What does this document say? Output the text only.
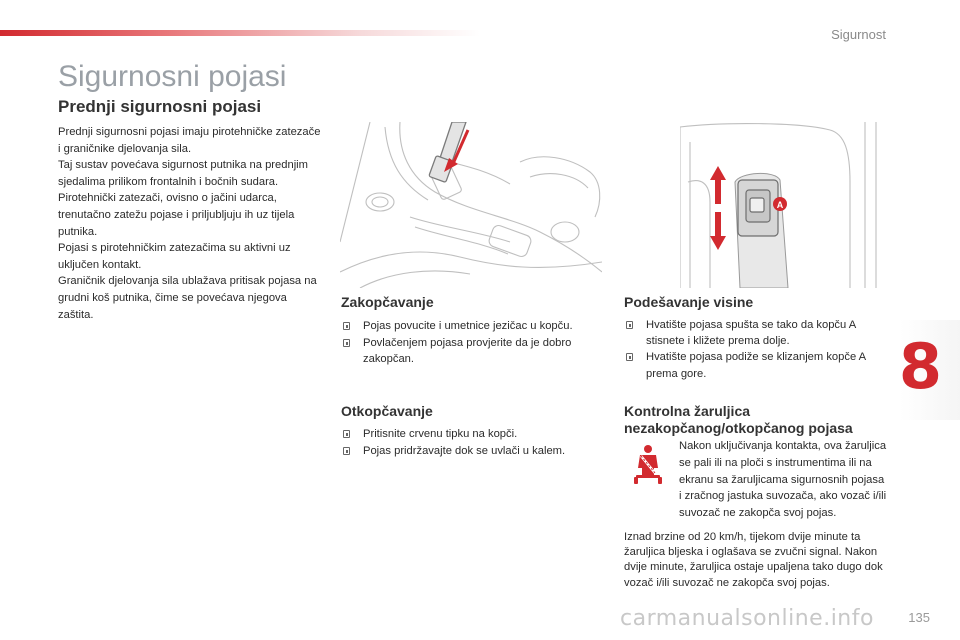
Sigurnost
Sigurnosni pojasi
Prednji sigurnosni pojasi

Prednji sigurnosni pojasi imaju pirotehničke zatezače i graničnike djelovanja sila.

Taj sustav povećava sigurnost putnika na prednjim sjedalima prilikom frontalnih i bočnih sudara. Pirotehnički zatezači, ovisno o jačini udarca, trenutačno zatežu pojase i priljubljuju ih uz tijela putnika.

Pojasi s pirotehničkim zatezačima su aktivni uz uključen kontakt.

Graničnik djelovanja sila ublažava pritisak pojasa na grudni koš putnika, čime se povećava njegova zaštita.

A
Zakopčavanje
Pojas povucite i umetnice jezičac u kopču.
Povlačenjem pojasa provjerite da je dobro zakopčan.
Otkopčavanje
Pritisnite crvenu tipku na kopči.
Pojas pridržavajte dok se uvlači u kalem.
Podešavanje visine
Hvatište pojasa spušta se tako da kopču A stisnete i kližete prema dolje.
Hvatište pojasa podiže se klizanjem kopče A prema gore.
Kontrolna žaruljica
nezakopčanog/otkopčanog pojasa
Nakon uključivanja kontakta, ova žaruljica se pali ili na ploči s instrumentima ili na ekranu sa žaruljicama sigurnosnih pojasa i zračnog jastuka suvozača, ako vozač i/ili suvozač ne zakopča svoj pojas.
Iznad brzine od 20 km/h, tijekom dvije minute ta žaruljica bljeska i oglašava se zvučni signal. Nakon dvije minute, žaruljica ostaje upaljena tako dugo dok vozač i/ili suvozač ne zakopča svoj pojas.
8
carmanualsonline.info	135
